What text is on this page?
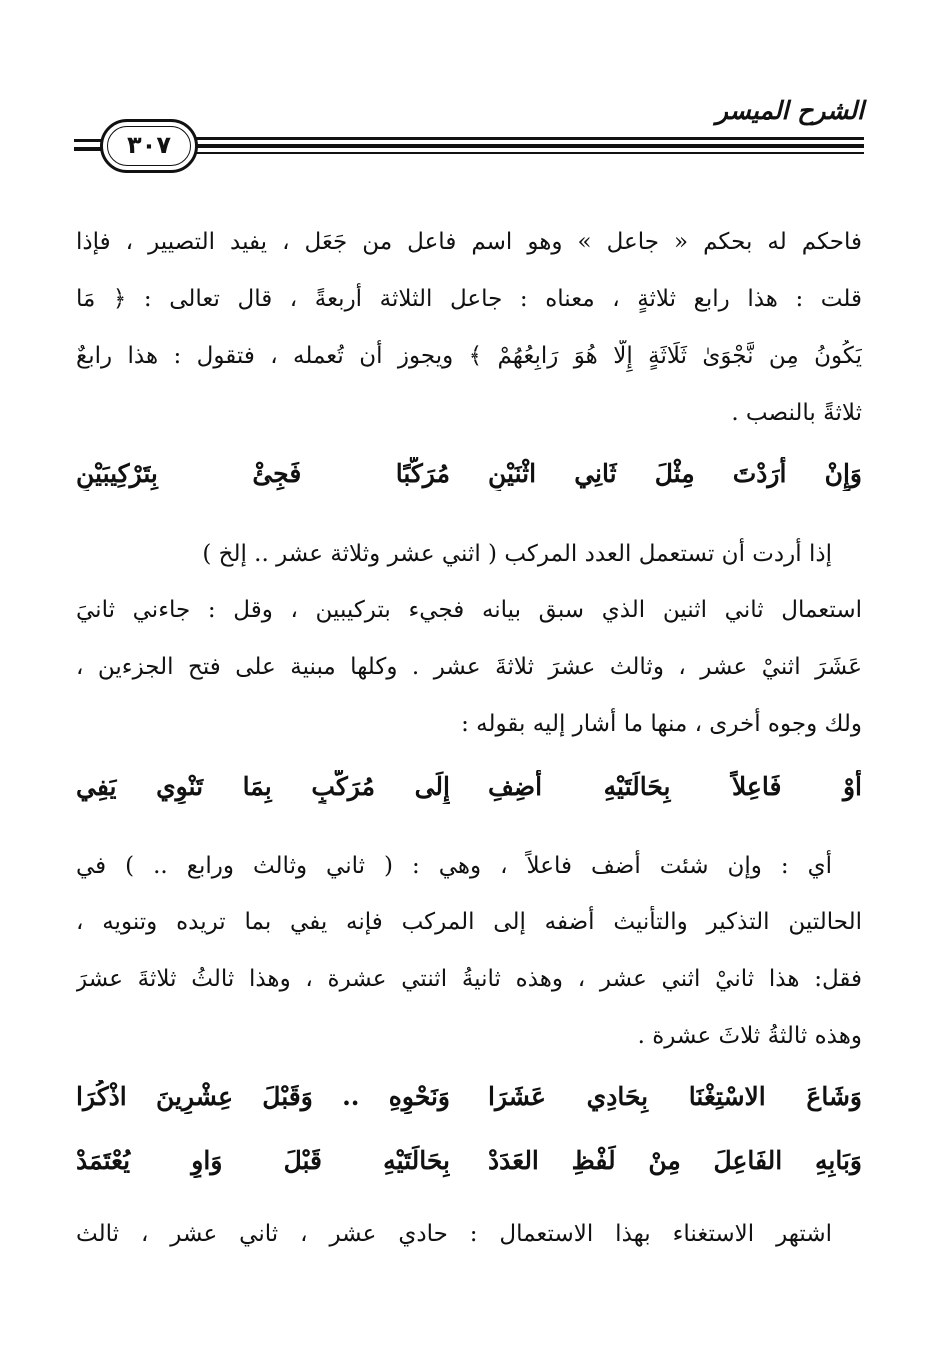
الشرح الميسر
٣٠٧
فاحكم له بحكم « جاعل » وهو اسم فاعل من جَعَل ، يفيد التصيير ، فإذا
قلت : هذا رابع ثلاثةٍ ، معناه : جاعل الثلاثة أربعةً ، قال تعالى : ﴿ مَا
يَكُونُ مِن نَّجْوَىٰ ثَلَاثَةٍ إِلَّا هُوَ رَابِعُهُمْ ﴾ ويجوز أن تُعمله ، فتقول : هذا رابعٌ
ثلاثةً بالنصب .
وَإِنْ أَرَدْتَ مِثْلَ ثَانِي اثْنَيْنِ
مُرَكَّبًا فَجِئْ بِتَرْكِيبَيْنِ
إذا أردت أن تستعمل العدد المركب ( اثني عشر وثلاثة عشر .. إلخ )
استعمال ثاني اثنين الذي سبق بيانه فجيء بتركيبين ، وقل : جاءني ثانيَ
عَشَرَ اثنيْ عشر ، وثالث عشرَ ثلاثةَ عشر . وكلها مبنية على فتح الجزءين ،
ولك وجوه أخرى ، منها ما أشار إليه بقوله :
أَوْ فَاعِلاً بِحَالَتَيْهِ أَضِفِ
إِلَى مُرَكَّبٍ بِمَا تَنْوِي يَفِي
أي : وإن شئت أضف فاعلاً ، وهي : ( ثاني وثالث ورابع .. ) في
الحالتين التذكير والتأنيث أضفه إلى المركب فإنه يفي بما تريده وتنويه ،
فقل: هذا ثانيْ اثني عشر ، وهذه ثانيةُ اثنتي عشرة ، وهذا ثالثُ ثلاثةَ عشرَ
وهذه ثالثةُ ثلاثَ عشرة .
وَشَاعَ الاسْتِغْنَا بِحَادِي عَشَرَا
وَنَحْوِهِ .. وَقَبْلَ عِشْرِينَ اذْكُرَا
وَبَابِهِ الفَاعِلَ مِنْ لَفْظِ العَدَدْ
بِحَالَتَيْهِ قَبْلَ وَاوٍ يُعْتَمَدْ
اشتهر الاستغناء بهذا الاستعمال : حادي عشر ، ثاني عشر ، ثالث
